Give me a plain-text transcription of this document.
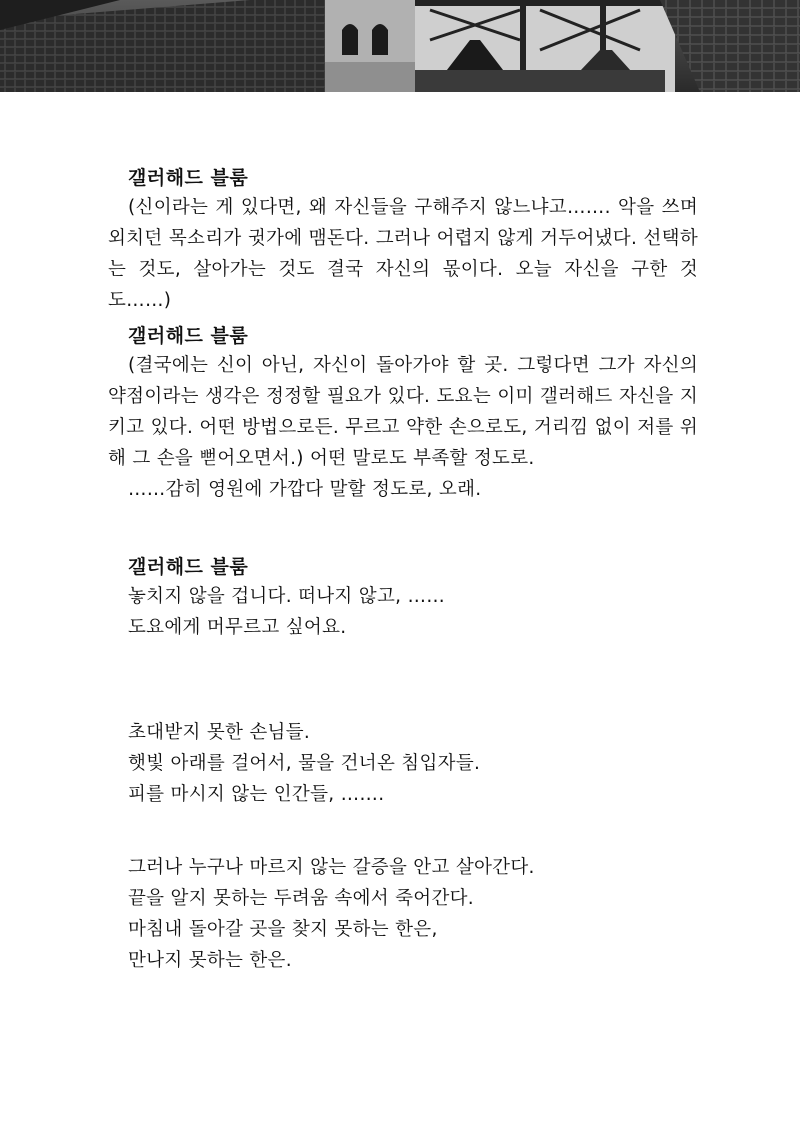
갤러해드 블룸

(신이라는 게 있다면, 왜 자신들을 구해주지 않느냐고……. 악을 쓰며 외치던 목소리가 귓가에 맴돈다. 그러나 어렵지 않게 거두어냈다. 선택하는 것도, 살아가는 것도 결국 자신의 몫이다. 오늘 자신을 구한 것도……)

갤러해드 블룸

(결국에는 신이 아닌, 자신이 돌아가야 할 곳. 그렇다면 그가 자신의 약점이라는 생각은 정정할 필요가 있다. 도요는 이미 갤러해드 자신을 지키고 있다. 어떤 방법으로든. 무르고 약한 손으로도, 거리낌 없이 저를 위해 그 손을 뻗어오면서.) 어떤 말로도 부족할 정도로.

……감히 영원에 가깝다 말할 정도로, 오래.

갤러해드 블룸

놓치지 않을 겁니다. 떠나지 않고, ……

도요에게 머무르고 싶어요.

초대받지 못한 손님들.

햇빛 아래를 걸어서, 물을 건너온 침입자들.

피를 마시지 않는 인간들, …….

그러나 누구나 마르지 않는 갈증을 안고 살아간다.

끝을 알지 못하는 두려움 속에서 죽어간다.

마침내 돌아갈 곳을 찾지 못하는 한은,

만나지 못하는 한은.
